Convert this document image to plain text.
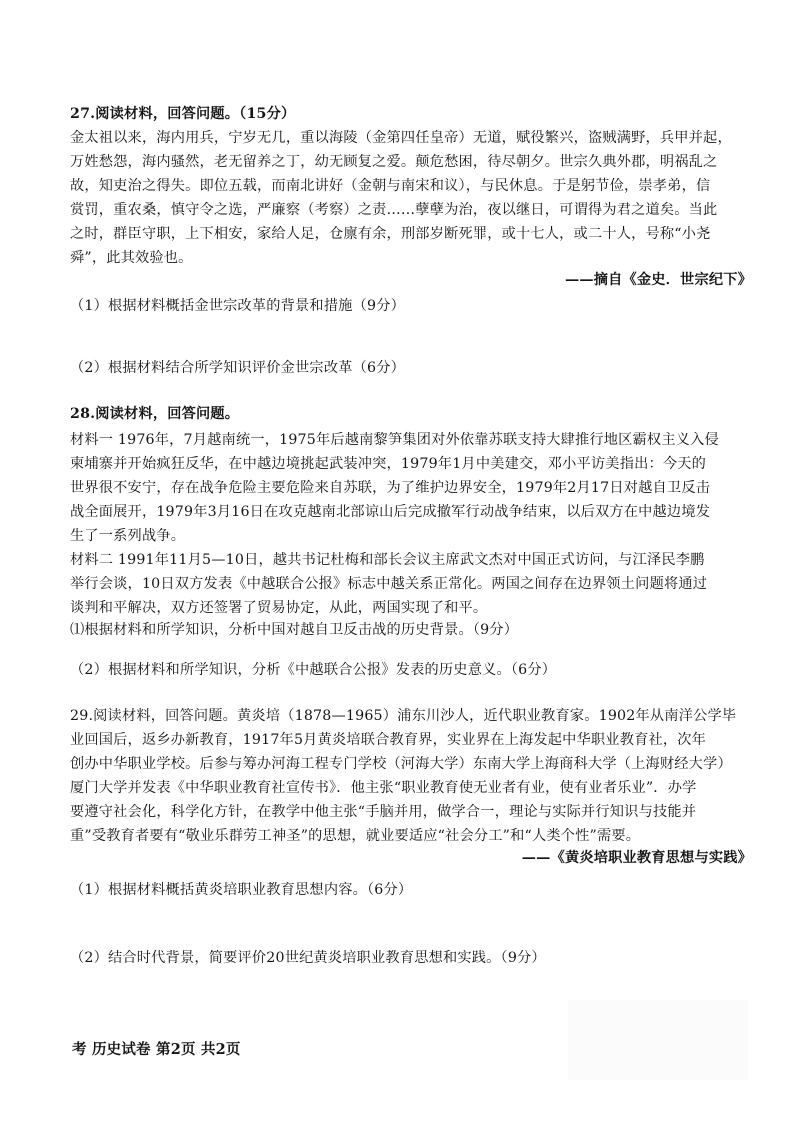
27.阅读材料，回答问题。（15分）
金太祖以来，海内用兵，宁岁无几，重以海陵（金第四任皇帝）无道，赋役繁兴，盗贼满野，兵甲并起，
万姓愁怨，海内骚然，老无留养之丁，幼无顾复之爱。颠危愁困，待尽朝夕。世宗久典外郡，明祸乱之
故，知吏治之得失。即位五载，而南北讲好（金朝与南宋和议），与民休息。于是躬节俭，崇孝弟，信
赏罚，重农桑，慎守令之选，严廉察（考察）之责……孽孽为治，夜以继日，可谓得为君之道矣。当此
之时，群臣守职，上下相安，家给人足，仓廪有余，刑部岁断死罪，或十七人，或二十人，号称“小尧
舜”，此其效验也。
——摘自《金史．世宗纪下》
（1）根据材料概括金世宗改革的背景和措施（9分）
（2）根据材料结合所学知识评价金世宗改革（6分）
28.阅读材料，回答问题。
材料一 1976年，7月越南统一，1975年后越南黎笋集团对外依靠苏联支持大肆推行地区霸权主义入侵
柬埔寨并开始疯狂反华，在中越边境挑起武装冲突，1979年1月中美建交，邓小平访美指出：今天的
世界很不安宁，存在战争危险主要危险来自苏联，为了维护边界安全，1979年2月17日对越自卫反击
战全面展开，1979年3月16日在攻克越南北部谅山后完成撤军行动战争结束，以后双方在中越边境发
生了一系列战争。
材料二 1991年11月5—10日，越共书记杜梅和部长会议主席武文杰对中国正式访问，与江泽民李鹏
举行会谈，10日双方发表《中越联合公报》标志中越关系正常化。两国之间存在边界领土问题将通过
谈判和平解决，双方还签署了贸易协定，从此，两国实现了和平。
⑴根据材料和所学知识，分析中国对越自卫反击战的历史背景。（9分）
（2）根据材料和所学知识，分析《中越联合公报》发表的历史意义。（6分）
29.阅读材料，回答问题。黄炎培（1878—1965）浦东川沙人，近代职业教育家。1902年从南洋公学毕
业回国后，返乡办新教育，1917年5月黄炎培联合教育界，实业界在上海发起中华职业教育社，次年
创办中华职业学校。后参与筹办河海工程专门学校（河海大学）东南大学上海商科大学（上海财经大学）
厦门大学并发表《中华职业教育社宣传书》．他主张“职业教育使无业者有业，使有业者乐业”．办学
要遵守社会化，科学化方针，在教学中他主张“手脑并用，做学合一，理论与实际并行知识与技能并
重”受教育者要有“敬业乐群劳工神圣”的思想，就业要适应“社会分工”和“人类个性”需要。
——《黄炎培职业教育思想与实践》
（1）根据材料概括黄炎培职业教育思想内容。（6分）
（2）结合时代背景，简要评价20世纪黄炎培职业教育思想和实践。（9分）
考 历史试卷 第2页 共2页
